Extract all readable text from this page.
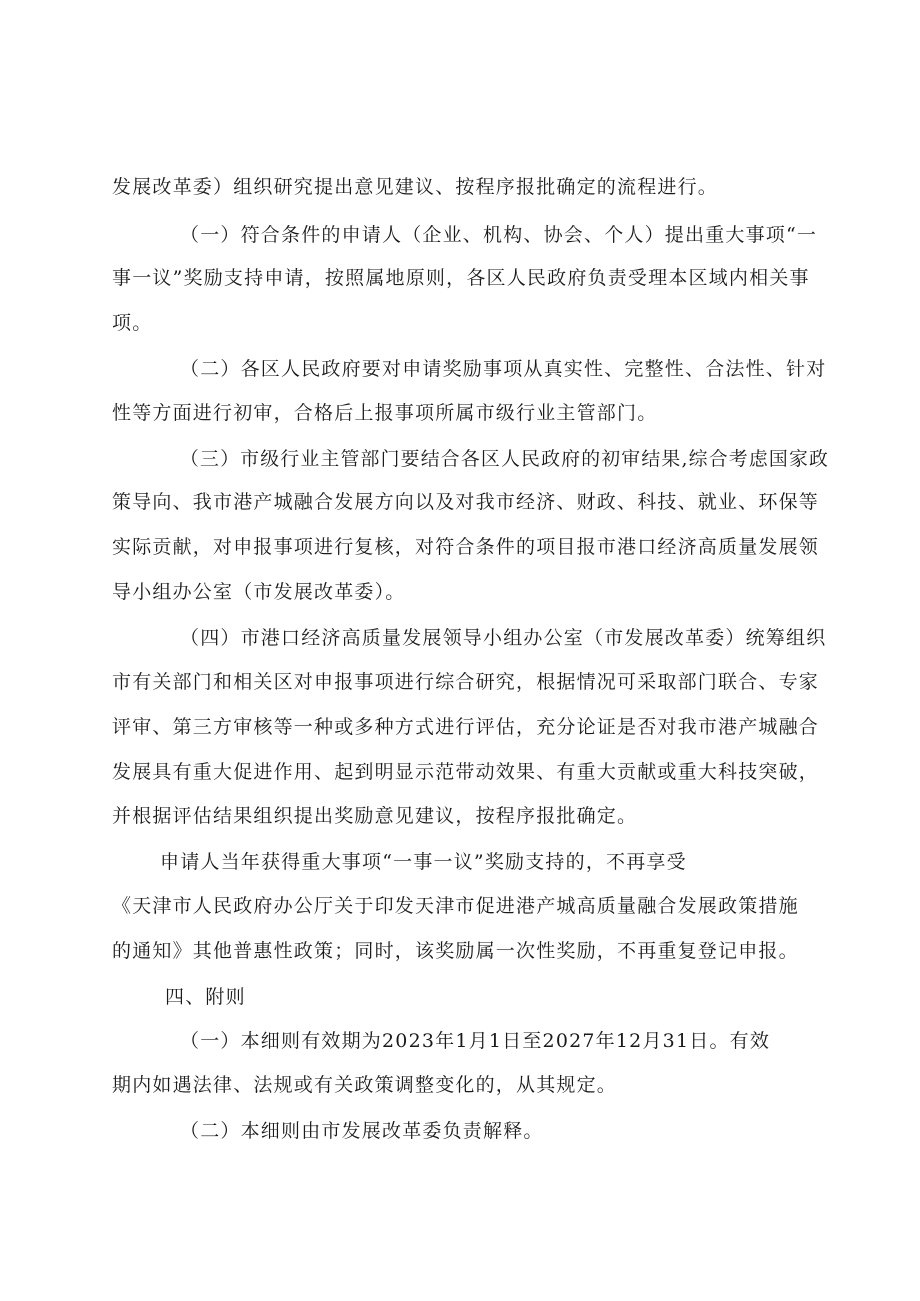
发展改革委）组织研究提出意见建议、按程序报批确定的流程进行。
（一）符合条件的申请人（企业、机构、协会、个人）提出重大事项“一
事一议”奖励支持申请，按照属地原则，各区人民政府负责受理本区域内相关事
项。
（二）各区人民政府要对申请奖励事项从真实性、完整性、合法性、针对
性等方面进行初审，合格后上报事项所属市级行业主管部门。
（三）市级行业主管部门要结合各区人民政府的初审结果,综合考虑国家政
策导向、我市港产城融合发展方向以及对我市经济、财政、科技、就业、环保等
实际贡献，对申报事项进行复核，对符合条件的项目报市港口经济高质量发展领
导小组办公室（市发展改革委）。
（四）市港口经济高质量发展领导小组办公室（市发展改革委）统筹组织
市有关部门和相关区对申报事项进行综合研究，根据情况可采取部门联合、专家
评审、第三方审核等一种或多种方式进行评估，充分论证是否对我市港产城融合
发展具有重大促进作用、起到明显示范带动效果、有重大贡献或重大科技突破，
并根据评估结果组织提出奖励意见建议，按程序报批确定。
申请人当年获得重大事项“一事一议”奖励支持的，不再享受
《天津市人民政府办公厅关于印发天津市促进港产城高质量融合发展政策措施
的通知》其他普惠性政策；同时，该奖励属一次性奖励，不再重复登记申报。
四、附则
（一）本细则有效期为2023年1月1日至2027年12月31日。有效
期内如遇法律、法规或有关政策调整变化的，从其规定。
（二）本细则由市发展改革委负责解释。
